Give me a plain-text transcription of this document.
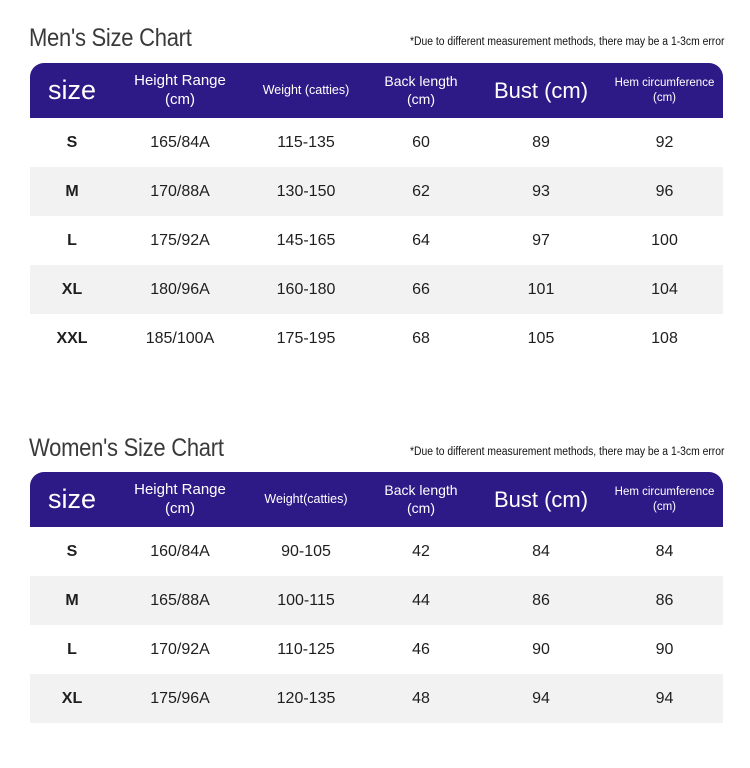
Men's Size Chart	*Due to different measurement methods, there may be a 1-3cm error
size	Height Range (cm)	Weight (catties)	Back length (cm)	Bust (cm)	Hem circumference (cm)
S	165/84A	115-135	60	89	92
M	170/88A	130-150	62	93	96
L	175/92A	145-165	64	97	100
XL	180/96A	160-180	66	101	104
XXL	185/100A	175-195	68	105	108
Women's Size Chart	*Due to different measurement methods, there may be a 1-3cm error
size	Height Range (cm)	Weight(catties)	Back length (cm)	Bust (cm)	Hem circumference (cm)
S	160/84A	90-105	42	84	84
M	165/88A	100-115	44	86	86
L	170/92A	110-125	46	90	90
XL	175/96A	120-135	48	94	94
